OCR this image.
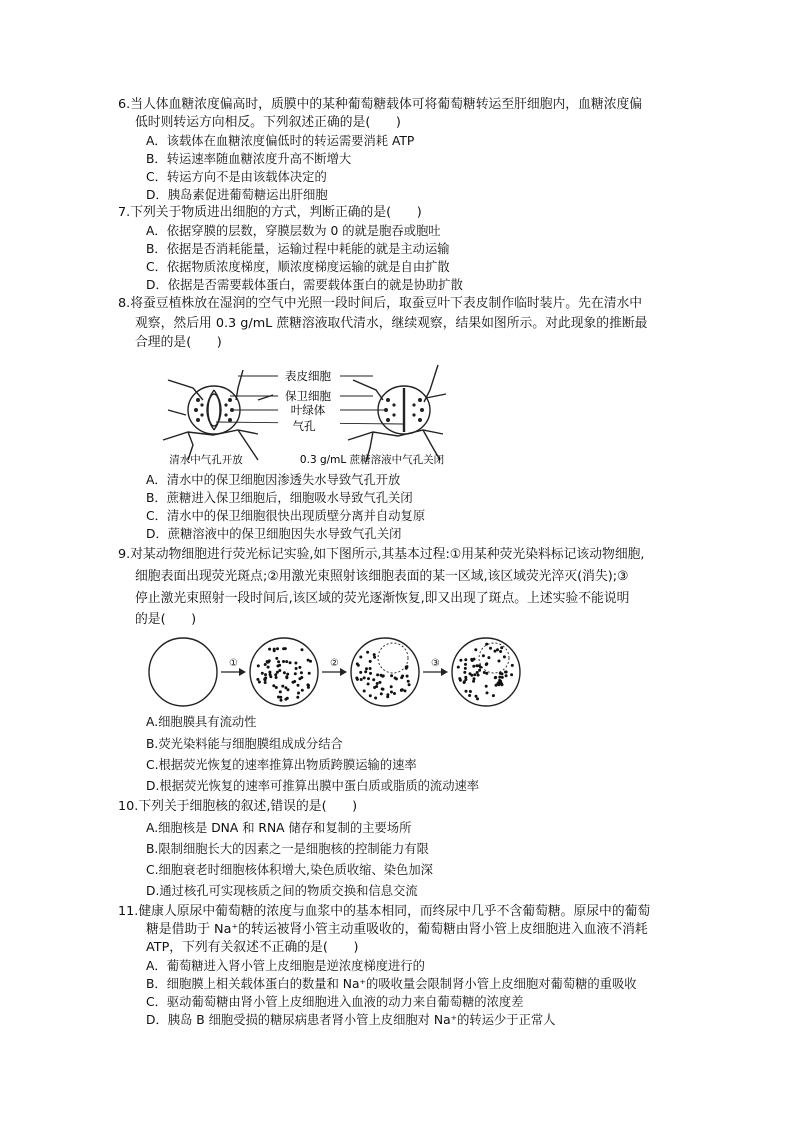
6.当人体血糖浓度偏高时，质膜中的某种葡萄糖载体可将葡萄糖转运至肝细胞内，血糖浓度偏
低时则转运方向相反。下列叙述正确的是(　　)
A．该载体在血糖浓度偏低时的转运需要消耗 ATP
B．转运速率随血糖浓度升高不断增大
C．转运方向不是由该载体决定的
D．胰岛素促进葡萄糖运出肝细胞
7.下列关于物质进出细胞的方式，判断正确的是(　　)
A．依据穿膜的层数，穿膜层数为 0 的就是胞吞或胞吐
B．依据是否消耗能量，运输过程中耗能的就是主动运输
C．依据物质浓度梯度，顺浓度梯度运输的就是自由扩散
D．依据是否需要载体蛋白，需要载体蛋白的就是协助扩散
8.将蚕豆植株放在湿润的空气中光照一段时间后，取蚕豆叶下表皮制作临时装片。先在清水中
观察，然后用 0.3 g/mL 蔗糖溶液取代清水，继续观察，结果如图所示。对此现象的推断最
合理的是(　　)
表皮细胞
保卫细胞
叶绿体
气孔
清水中气孔开放	0.3 g/mL 蔗糖溶液中气孔关闭
A．清水中的保卫细胞因渗透失水导致气孔开放
B．蔗糖进入保卫细胞后，细胞吸水导致气孔关闭
C．清水中的保卫细胞很快出现质壁分离并自动复原
D．蔗糖溶液中的保卫细胞因失水导致气孔关闭
9.对某动物细胞进行荧光标记实验,如下图所示,其基本过程:①用某种荧光染料标记该动物细胞,
细胞表面出现荧光斑点;②用激光束照射该细胞表面的某一区域,该区域荧光淬灭(消失);③
停止激光束照射一段时间后,该区域的荧光逐渐恢复,即又出现了斑点。上述实验不能说明
的是(　　)
①	②	③
A.细胞膜具有流动性
B.荧光染料能与细胞膜组成成分结合
C.根据荧光恢复的速率推算出物质跨膜运输的速率
D.根据荧光恢复的速率可推算出膜中蛋白质或脂质的流动速率
10.下列关于细胞核的叙述,错误的是(　　)
A.细胞核是 DNA 和 RNA 储存和复制的主要场所
B.限制细胞长大的因素之一是细胞核的控制能力有限
C.细胞衰老时细胞核体积增大,染色质收缩、染色加深
D.通过核孔可实现核质之间的物质交换和信息交流
11.健康人原尿中葡萄糖的浓度与血浆中的基本相同，而终尿中几乎不含葡萄糖。原尿中的葡萄
糖是借助于 Na⁺的转运被肾小管主动重吸收的，葡萄糖由肾小管上皮细胞进入血液不消耗
ATP，下列有关叙述不正确的是(　　)
A．葡萄糖进入肾小管上皮细胞是逆浓度梯度进行的
B．细胞膜上相关载体蛋白的数量和 Na⁺的吸收量会限制肾小管上皮细胞对葡萄糖的重吸收
C．驱动葡萄糖由肾小管上皮细胞进入血液的动力来自葡萄糖的浓度差
D．胰岛 B 细胞受损的糖尿病患者肾小管上皮细胞对 Na⁺的转运少于正常人
